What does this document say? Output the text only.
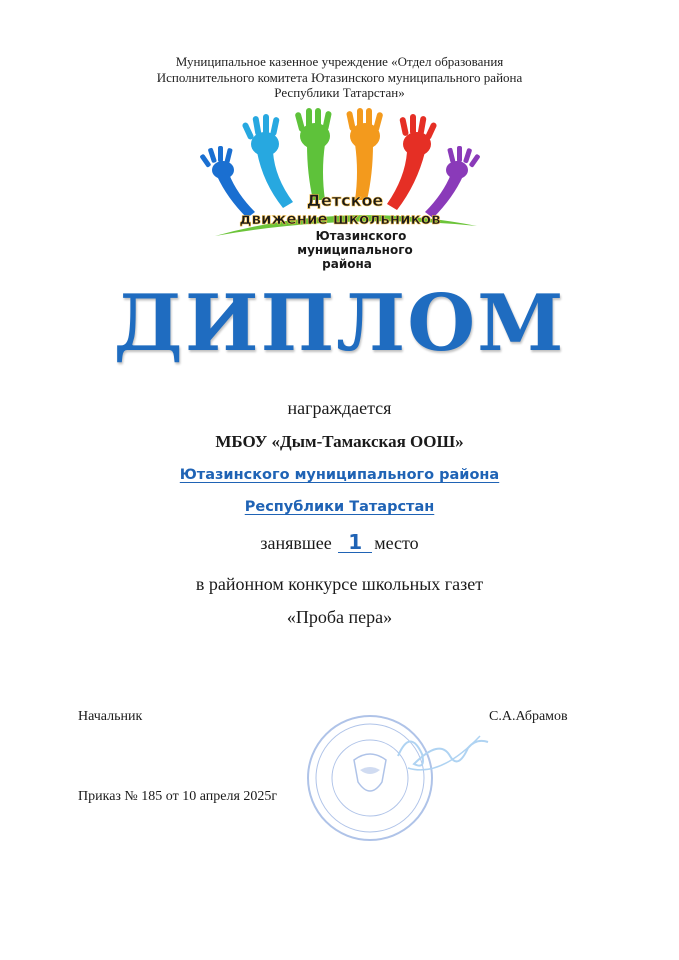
Муниципальное казенное учреждение «Отдел образования
Исполнительного комитета Ютазинского муниципального района
Республики Татарстан»
Детское
движение школьников
Ютазинского
муниципального
района
ДИПЛОМ
награждается
МБОУ «Дым-Тамакская ООШ»
Ютазинского муниципального района
Республики Татарстан
занявшее 1 место
в районном конкурсе школьных газет
«Проба пера»
Начальник	С.А.Абрамов
Приказ № 185 от 10 апреля 2025г
